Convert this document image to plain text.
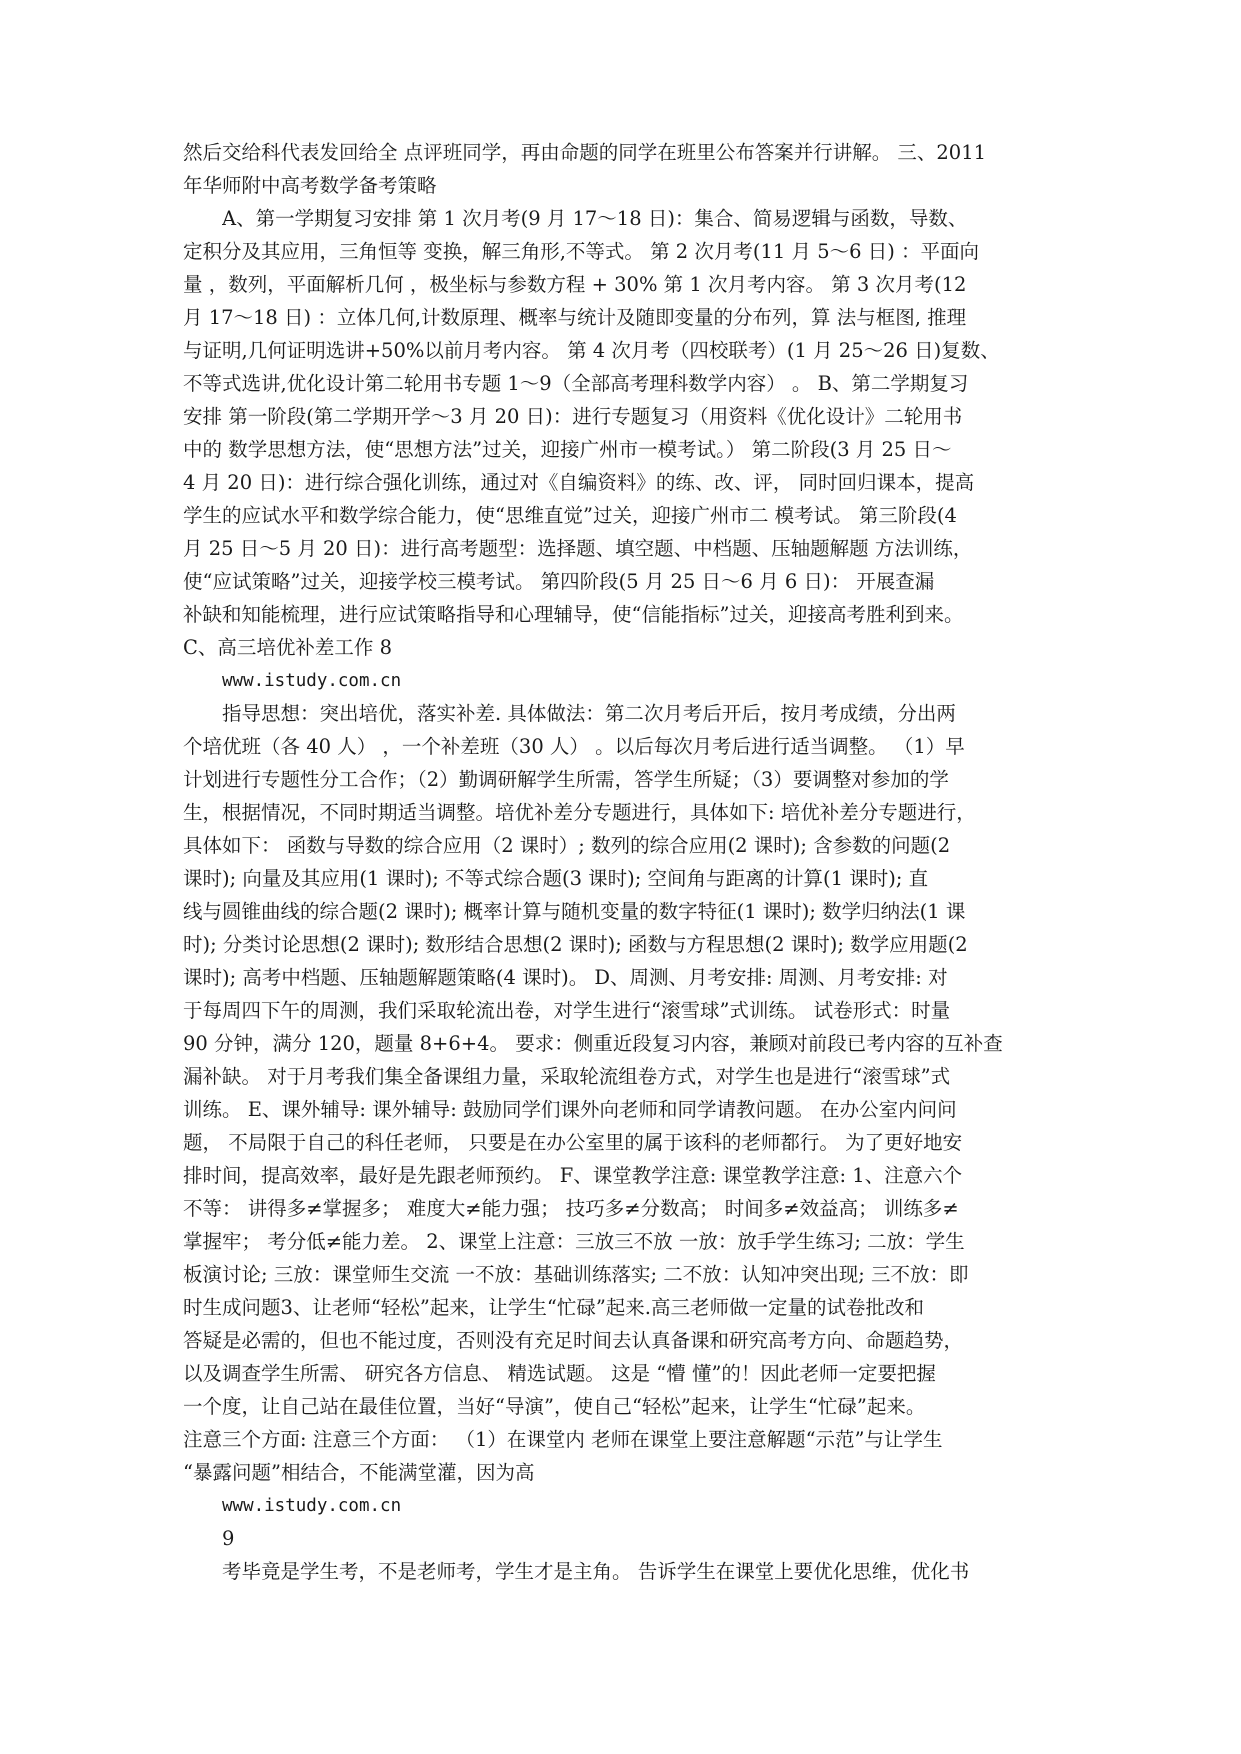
然后交给科代表发回给全 点评班同学，再由命题的同学在班里公布答案并行讲解。 三、2011
年华师附中高考数学备考策略
A、第一学期复习安排 第 1 次月考(9 月 17～18 日)：集合、简易逻辑与函数，导数、
定积分及其应用，三角恒等 变换，解三角形,不等式。 第 2 次月考(11 月 5～6 日) ：平面向
量 ，数列，平面解析几何 ，极坐标与参数方程 + 30% 第 1 次月考内容。 第 3 次月考(12
月 17～18 日) ：立体几何,计数原理、概率与统计及随即变量的分布列，算 法与框图, 推理
与证明,几何证明选讲+50%以前月考内容。 第 4 次月考（四校联考）(1 月 25～26 日)复数、
不等式选讲,优化设计第二轮用书专题 1～9（全部高考理科数学内容） 。 B、第二学期复习
安排 第一阶段(第二学期开学～3 月 20 日)：进行专题复习（用资料《优化设计》二轮用书
中的 数学思想方法，使“思想方法”过关，迎接广州市一模考试。） 第二阶段(3 月 25 日～
4 月 20 日)：进行综合强化训练，通过对《自编资料》的练、改、评， 同时回归课本，提高
学生的应试水平和数学综合能力，使“思维直觉”过关，迎接广州市二 模考试。 第三阶段(4
月 25 日～5 月 20 日)：进行高考题型：选择题、填空题、中档题、压轴题解题 方法训练，
使“应试策略”过关，迎接学校三模考试。 第四阶段(5 月 25 日～6 月 6 日)： 开展查漏
补缺和知能梳理，进行应试策略指导和心理辅导，使“信能指标”过关，迎接高考胜利到来。
C、高三培优补差工作 8
www.istudy.com.cn
指导思想：突出培优，落实补差. 具体做法：第二次月考后开后，按月考成绩，分出两
个培优班（各 40 人） ，一个补差班（30 人） 。以后每次月考后进行适当调整。 （1）早
计划进行专题性分工合作；（2）勤调研解学生所需，答学生所疑；（3）要调整对参加的学
生，根据情况，不同时期适当调整。培优补差分专题进行，具体如下: 培优补差分专题进行，
具体如下： 函数与导数的综合应用（2 课时）; 数列的综合应用(2 课时); 含参数的问题(2
课时); 向量及其应用(1 课时); 不等式综合题(3 课时); 空间角与距离的计算(1 课时); 直
线与圆锥曲线的综合题(2 课时); 概率计算与随机变量的数字特征(1 课时); 数学归纳法(1 课
时); 分类讨论思想(2 课时); 数形结合思想(2 课时); 函数与方程思想(2 课时); 数学应用题(2
课时); 高考中档题、压轴题解题策略(4 课时)。 D、周测、月考安排: 周测、月考安排: 对
于每周四下午的周测，我们采取轮流出卷，对学生进行“滚雪球”式训练。 试卷形式：时量
90 分钟，满分 120，题量 8+6+4。 要求：侧重近段复习内容，兼顾对前段已考内容的互补查
漏补缺。 对于月考我们集全备课组力量，采取轮流组卷方式，对学生也是进行“滚雪球”式
训练。 E、课外辅导: 课外辅导: 鼓励同学们课外向老师和同学请教问题。 在办公室内问问
题， 不局限于自己的科任老师， 只要是在办公室里的属于该科的老师都行。 为了更好地安
排时间，提高效率，最好是先跟老师预约。 F、课堂教学注意: 课堂教学注意: 1、注意六个
不等： 讲得多≠掌握多； 难度大≠能力强； 技巧多≠分数高； 时间多≠效益高； 训练多≠
掌握牢； 考分低≠能力差。 2、课堂上注意：三放三不放 一放：放手学生练习; 二放：学生
板演讨论; 三放：课堂师生交流 一不放：基础训练落实; 二不放：认知冲突出现; 三不放：即
时生成问题3、让老师“轻松”起来，让学生“忙碌”起来.高三老师做一定量的试卷批改和
答疑是必需的，但也不能过度，否则没有充足时间去认真备课和研究高考方向、命题趋势，
以及调查学生所需、 研究各方信息、 精选试题。 这是 “懵 懂”的！因此老师一定要把握
一个度，让自己站在最佳位置，当好“导演”，使自己“轻松”起来，让学生“忙碌”起来。
注意三个方面: 注意三个方面： （1）在课堂内 老师在课堂上要注意解题“示范”与让学生
“暴露问题”相结合，不能满堂灌，因为高
www.istudy.com.cn
9
考毕竟是学生考，不是老师考，学生才是主角。 告诉学生在课堂上要优化思维，优化书
